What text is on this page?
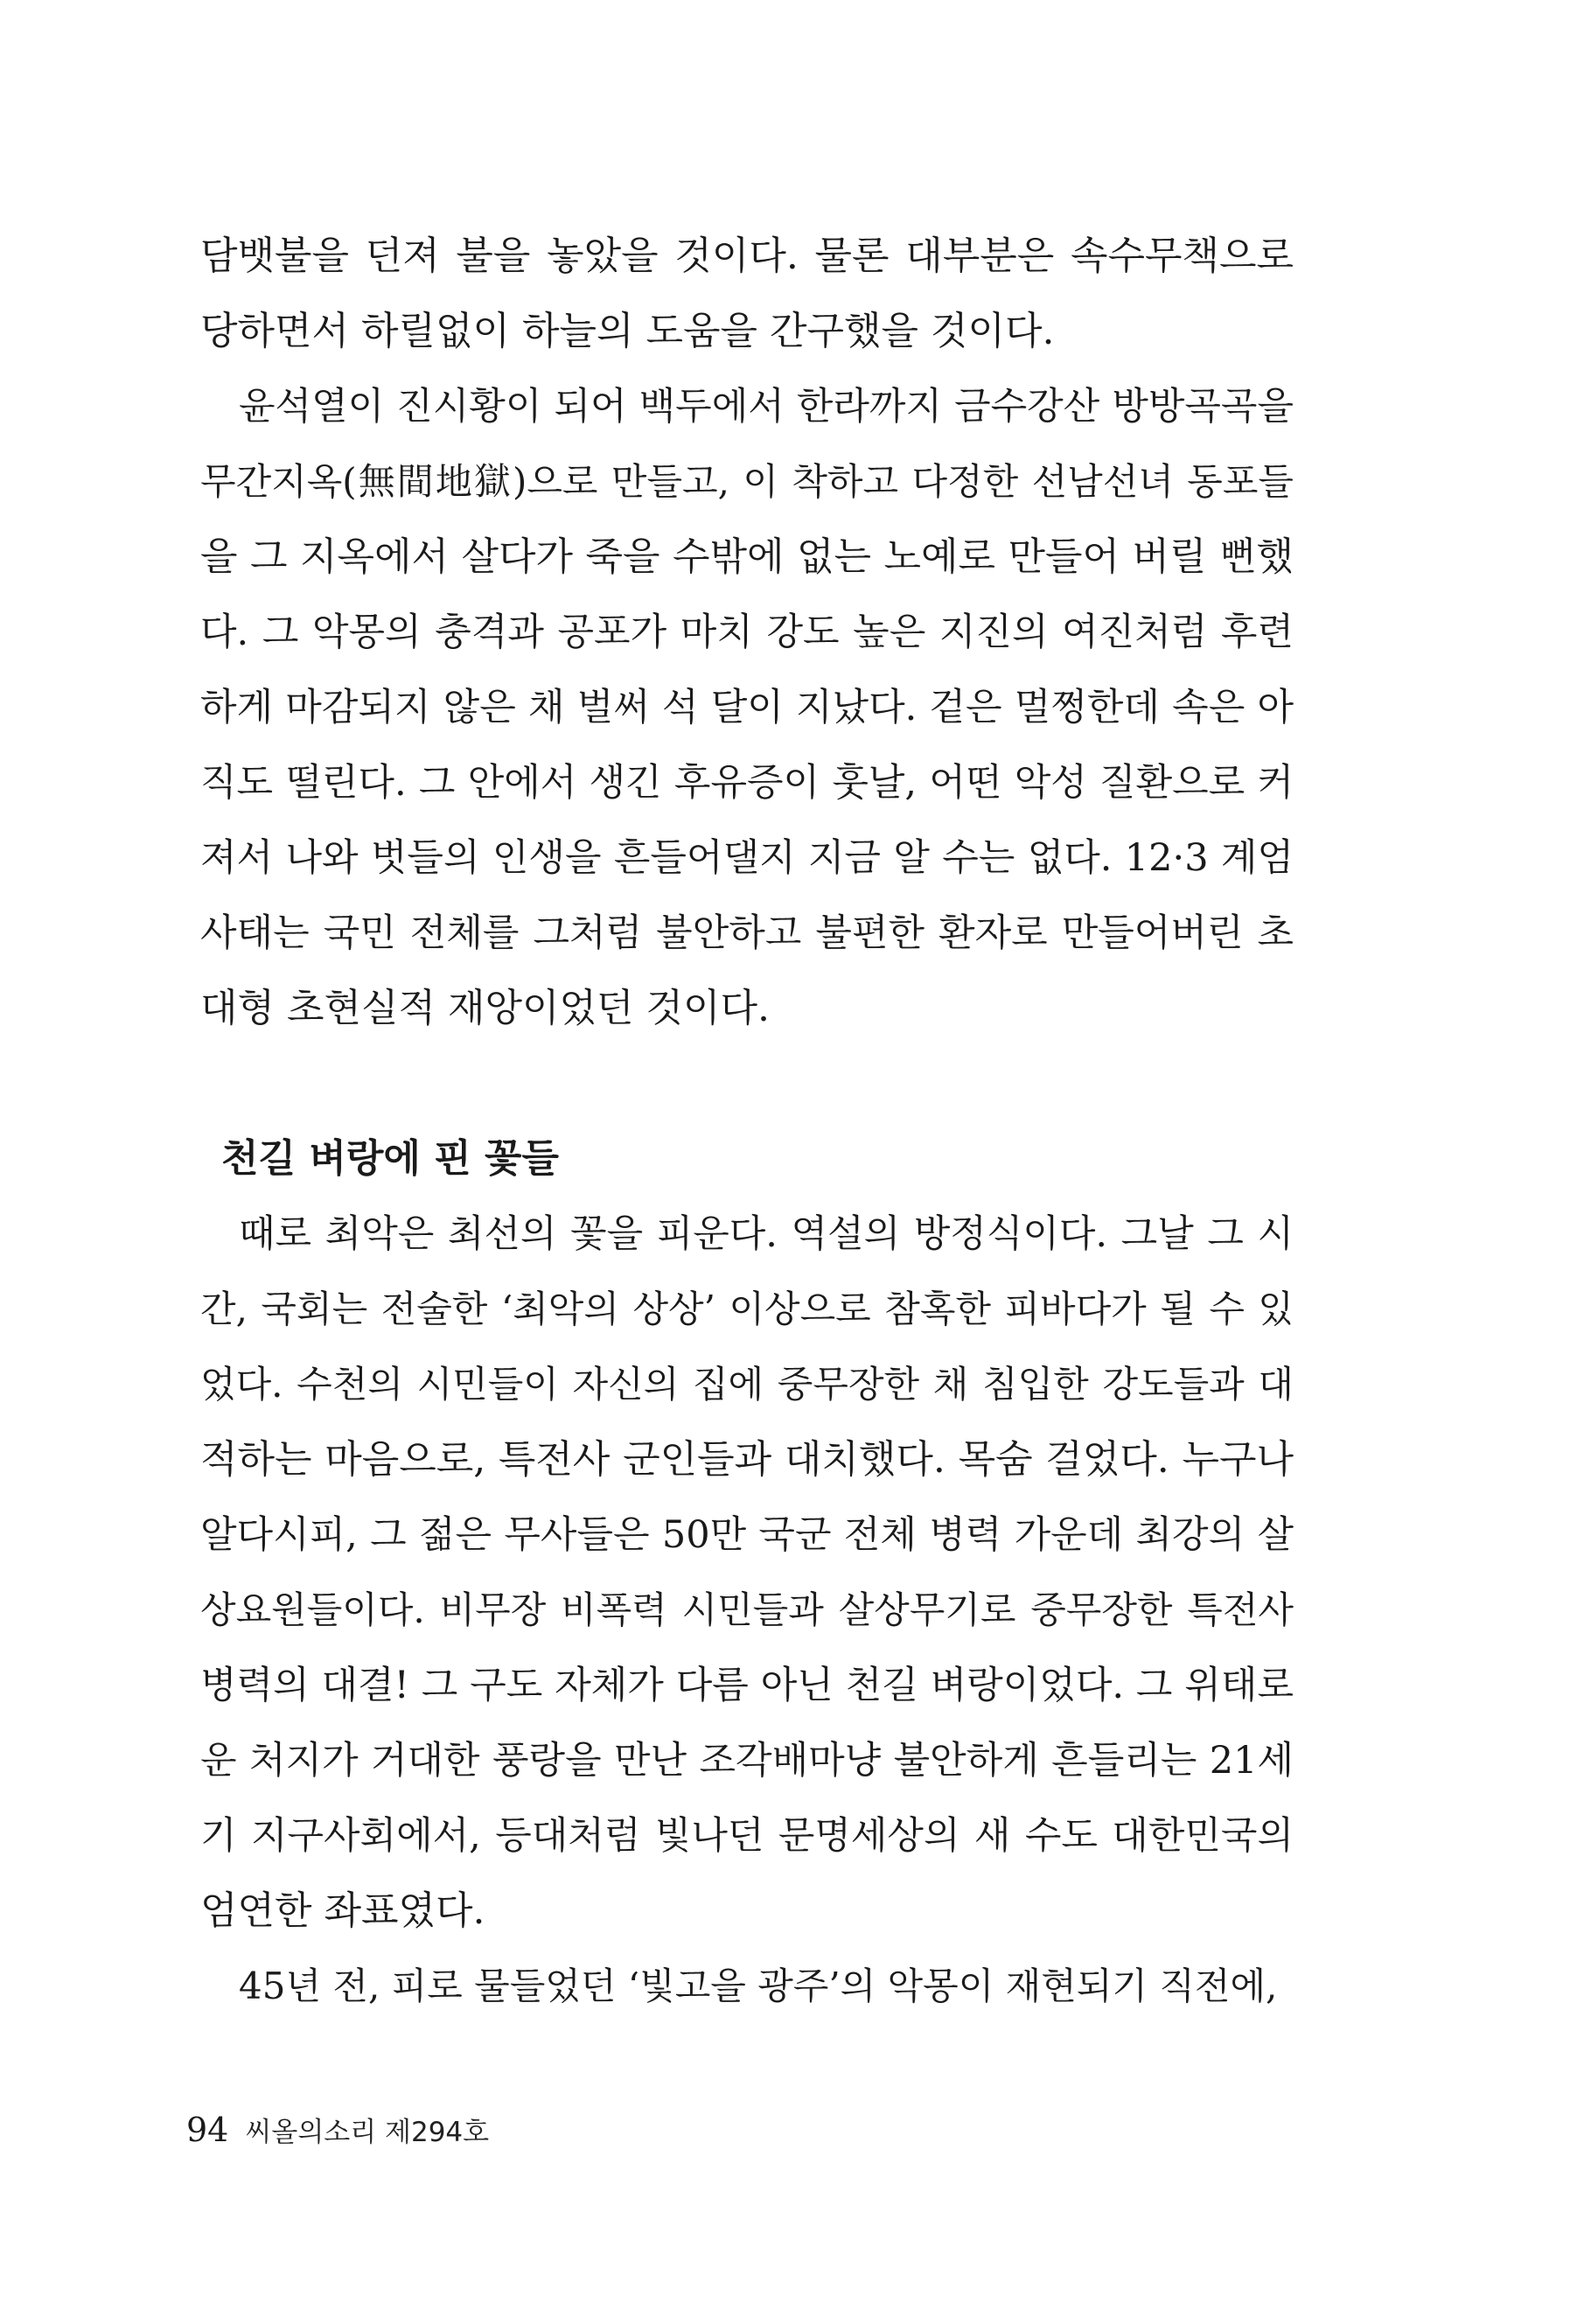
담뱃불을 던져 불을 놓았을 것이다. 물론 대부분은 속수무책으로
당하면서 하릴없이 하늘의 도움을 간구했을 것이다.
윤석열이 진시황이 되어 백두에서 한라까지 금수강산 방방곡곡을
무간지옥(無間地獄)으로 만들고, 이 착하고 다정한 선남선녀 동포들
을 그 지옥에서 살다가 죽을 수밖에 없는 노예로 만들어 버릴 뻔했
다. 그 악몽의 충격과 공포가 마치 강도 높은 지진의 여진처럼 후련
하게 마감되지 않은 채 벌써 석 달이 지났다. 겉은 멀쩡한데 속은 아
직도 떨린다. 그 안에서 생긴 후유증이 훗날, 어떤 악성 질환으로 커
져서 나와 벗들의 인생을 흔들어댈지 지금 알 수는 없다. 12·3 계엄
사태는 국민 전체를 그처럼 불안하고 불편한 환자로 만들어버린 초
대형 초현실적 재앙이었던 것이다.
천길 벼랑에 핀 꽃들
때로 최악은 최선의 꽃을 피운다. 역설의 방정식이다. 그날 그 시
간, 국회는 전술한 ‘최악의 상상’ 이상으로 참혹한 피바다가 될 수 있
었다. 수천의 시민들이 자신의 집에 중무장한 채 침입한 강도들과 대
적하는 마음으로, 특전사 군인들과 대치했다. 목숨 걸었다. 누구나
알다시피, 그 젊은 무사들은 50만 국군 전체 병력 가운데 최강의 살
상요원들이다. 비무장 비폭력 시민들과 살상무기로 중무장한 특전사
병력의 대결! 그 구도 자체가 다름 아닌 천길 벼랑이었다. 그 위태로
운 처지가 거대한 풍랑을 만난 조각배마냥 불안하게 흔들리는 21세
기 지구사회에서, 등대처럼 빛나던 문명세상의 새 수도 대한민국의
엄연한 좌표였다.
45년 전, 피로 물들었던 ‘빛고을 광주’의 악몽이 재현되기 직전에,
94 씨올의소리 제294호
